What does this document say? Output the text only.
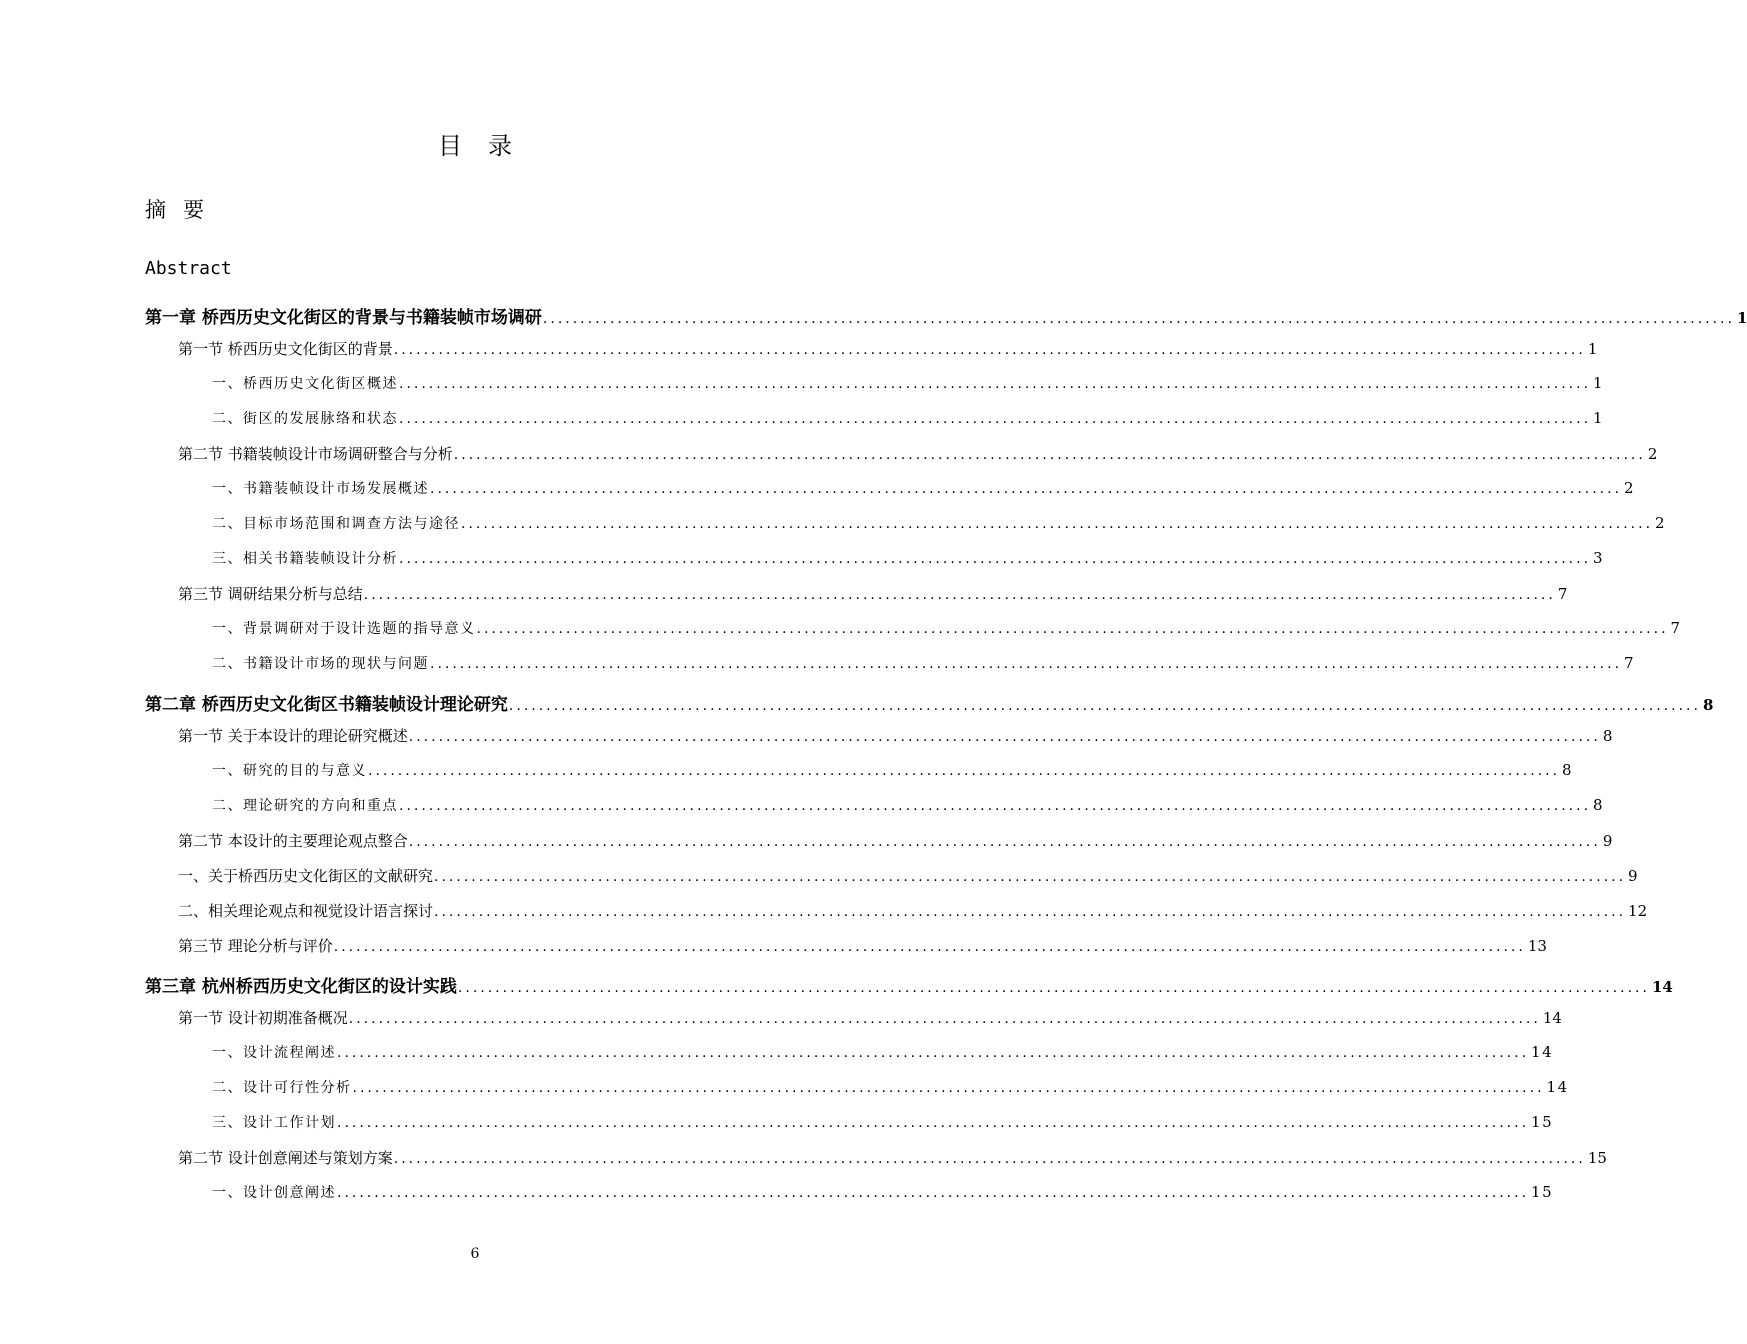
目录
摘要
Abstract
第一章 桥西历史文化街区的背景与书籍装帧市场调研 ................................................................................................................................................................ 1
第一节 桥西历史文化街区的背景 ................................................................................................................................................................ 1
一、桥西历史文化街区概述 ................................................................................................................................................................ 1
二、街区的发展脉络和状态 ................................................................................................................................................................ 1
第二节 书籍装帧设计市场调研整合与分析 ................................................................................................................................................................ 2
一、书籍装帧设计市场发展概述 ................................................................................................................................................................ 2
二、目标市场范围和调查方法与途径 ................................................................................................................................................................ 2
三、相关书籍装帧设计分析 ................................................................................................................................................................ 3
第三节 调研结果分析与总结 ................................................................................................................................................................ 7
一、背景调研对于设计选题的指导意义 ................................................................................................................................................................ 7
二、书籍设计市场的现状与问题 ................................................................................................................................................................ 7
第二章 桥西历史文化街区书籍装帧设计理论研究 ................................................................................................................................................................ 8
第一节 关于本设计的理论研究概述 ................................................................................................................................................................ 8
一、研究的目的与意义 ................................................................................................................................................................ 8
二、理论研究的方向和重点 ................................................................................................................................................................ 8
第二节 本设计的主要理论观点整合 ................................................................................................................................................................ 9
一、关于桥西历史文化街区的文献研究 ................................................................................................................................................................ 9
二、相关理论观点和视觉设计语言探讨 ................................................................................................................................................................ 12
第三节 理论分析与评价 ................................................................................................................................................................ 13
第三章 杭州桥西历史文化街区的设计实践 ................................................................................................................................................................ 14
第一节 设计初期准备概况 ................................................................................................................................................................ 14
一、设计流程阐述 ................................................................................................................................................................ 14
二、设计可行性分析 ................................................................................................................................................................ 14
三、设计工作计划 ................................................................................................................................................................ 15
第二节 设计创意阐述与策划方案 ................................................................................................................................................................ 15
一、设计创意阐述 ................................................................................................................................................................ 15
6
